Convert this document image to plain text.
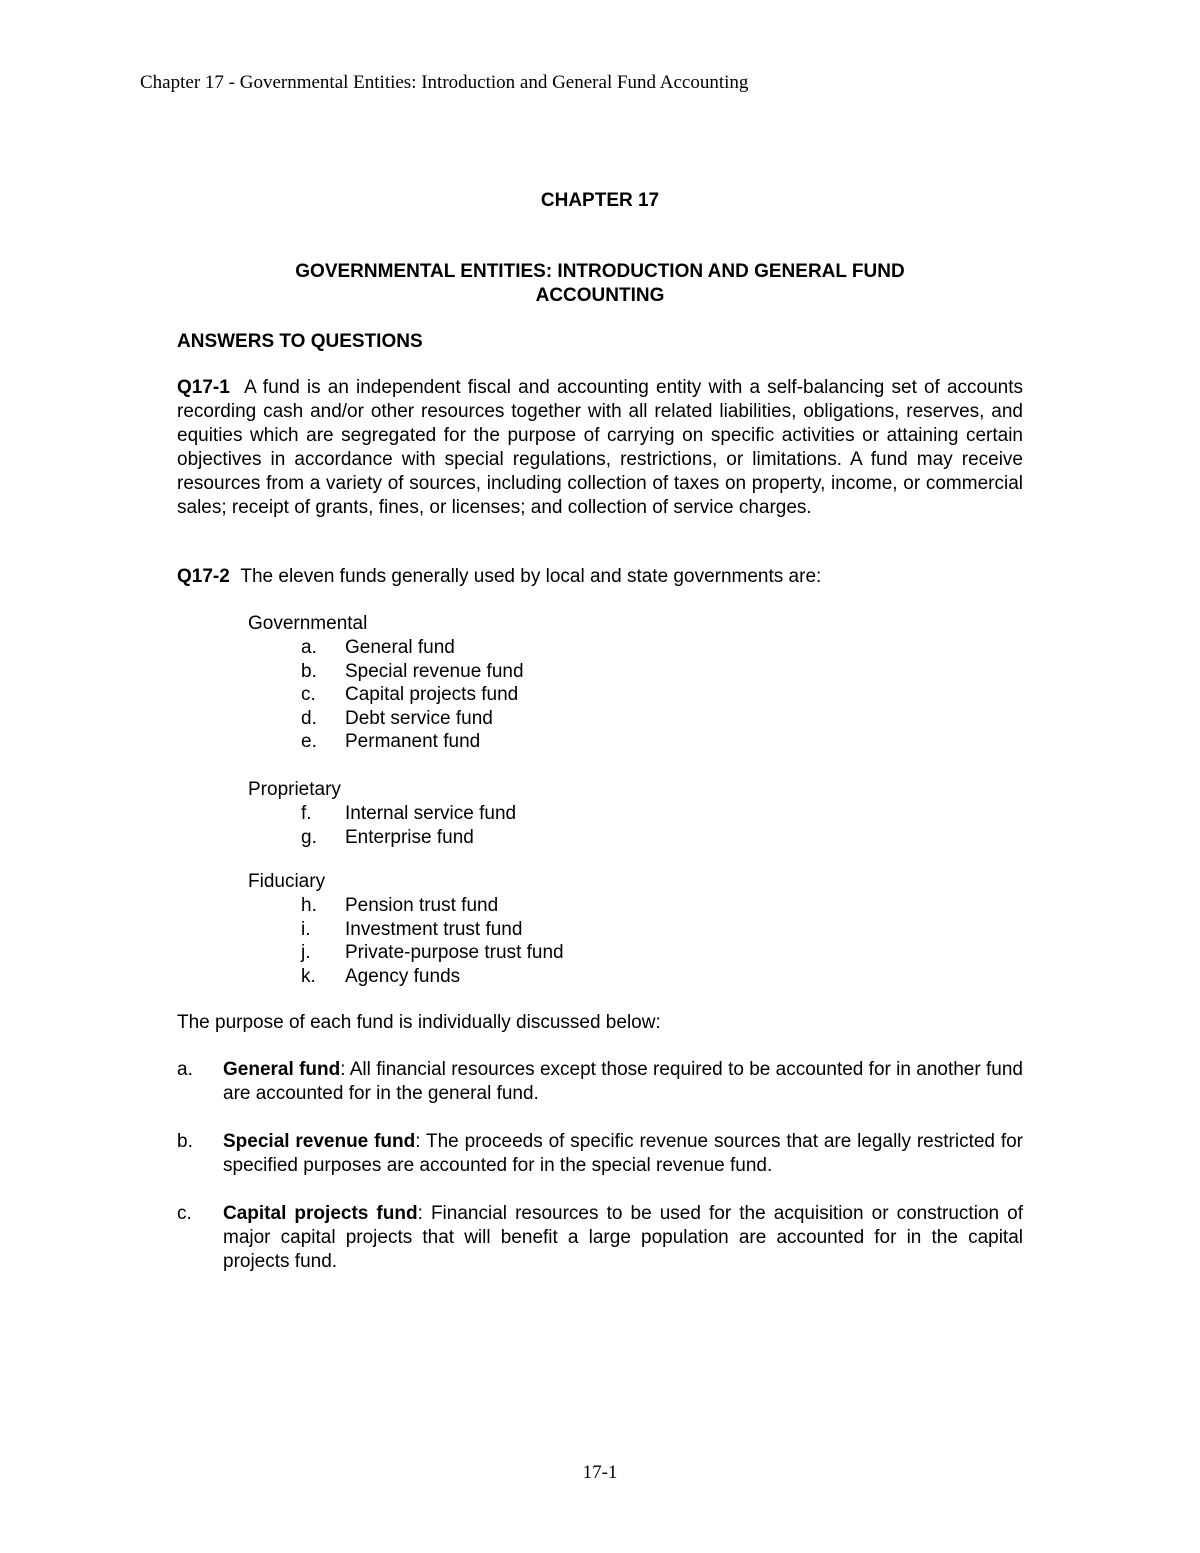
Chapter 17 - Governmental Entities: Introduction and General Fund Accounting
CHAPTER 17
GOVERNMENTAL ENTITIES: INTRODUCTION AND GENERAL FUND
ACCOUNTING
ANSWERS TO QUESTIONS

Q17-1 A fund is an independent fiscal and accounting entity with a self-balancing set of accounts recording cash and/or other resources together with all related liabilities, obligations, reserves, and equities which are segregated for the purpose of carrying on specific activities or attaining certain objectives in accordance with special regulations, restrictions, or limitations. A fund may receive resources from a variety of sources, including collection of taxes on property, income, or commercial sales; receipt of grants, fines, or licenses; and collection of service charges.

Q17-2 The eleven funds generally used by local and state governments are:

Governmental
a. General fund
b. Special revenue fund
c. Capital projects fund
d. Debt service fund
e. Permanent fund
Proprietary
f. Internal service fund
g. Enterprise fund
Fiduciary
h. Pension trust fund
i. Investment trust fund
j. Private-purpose trust fund
k. Agency funds
The purpose of each fund is individually discussed below:
a. General fund: All financial resources except those required to be accounted for in another fund are accounted for in the general fund.
b. Special revenue fund: The proceeds of specific revenue sources that are legally restricted for specified purposes are accounted for in the special revenue fund.
c. Capital projects fund: Financial resources to be used for the acquisition or construction of major capital projects that will benefit a large population are accounted for in the capital projects fund.
17-1
